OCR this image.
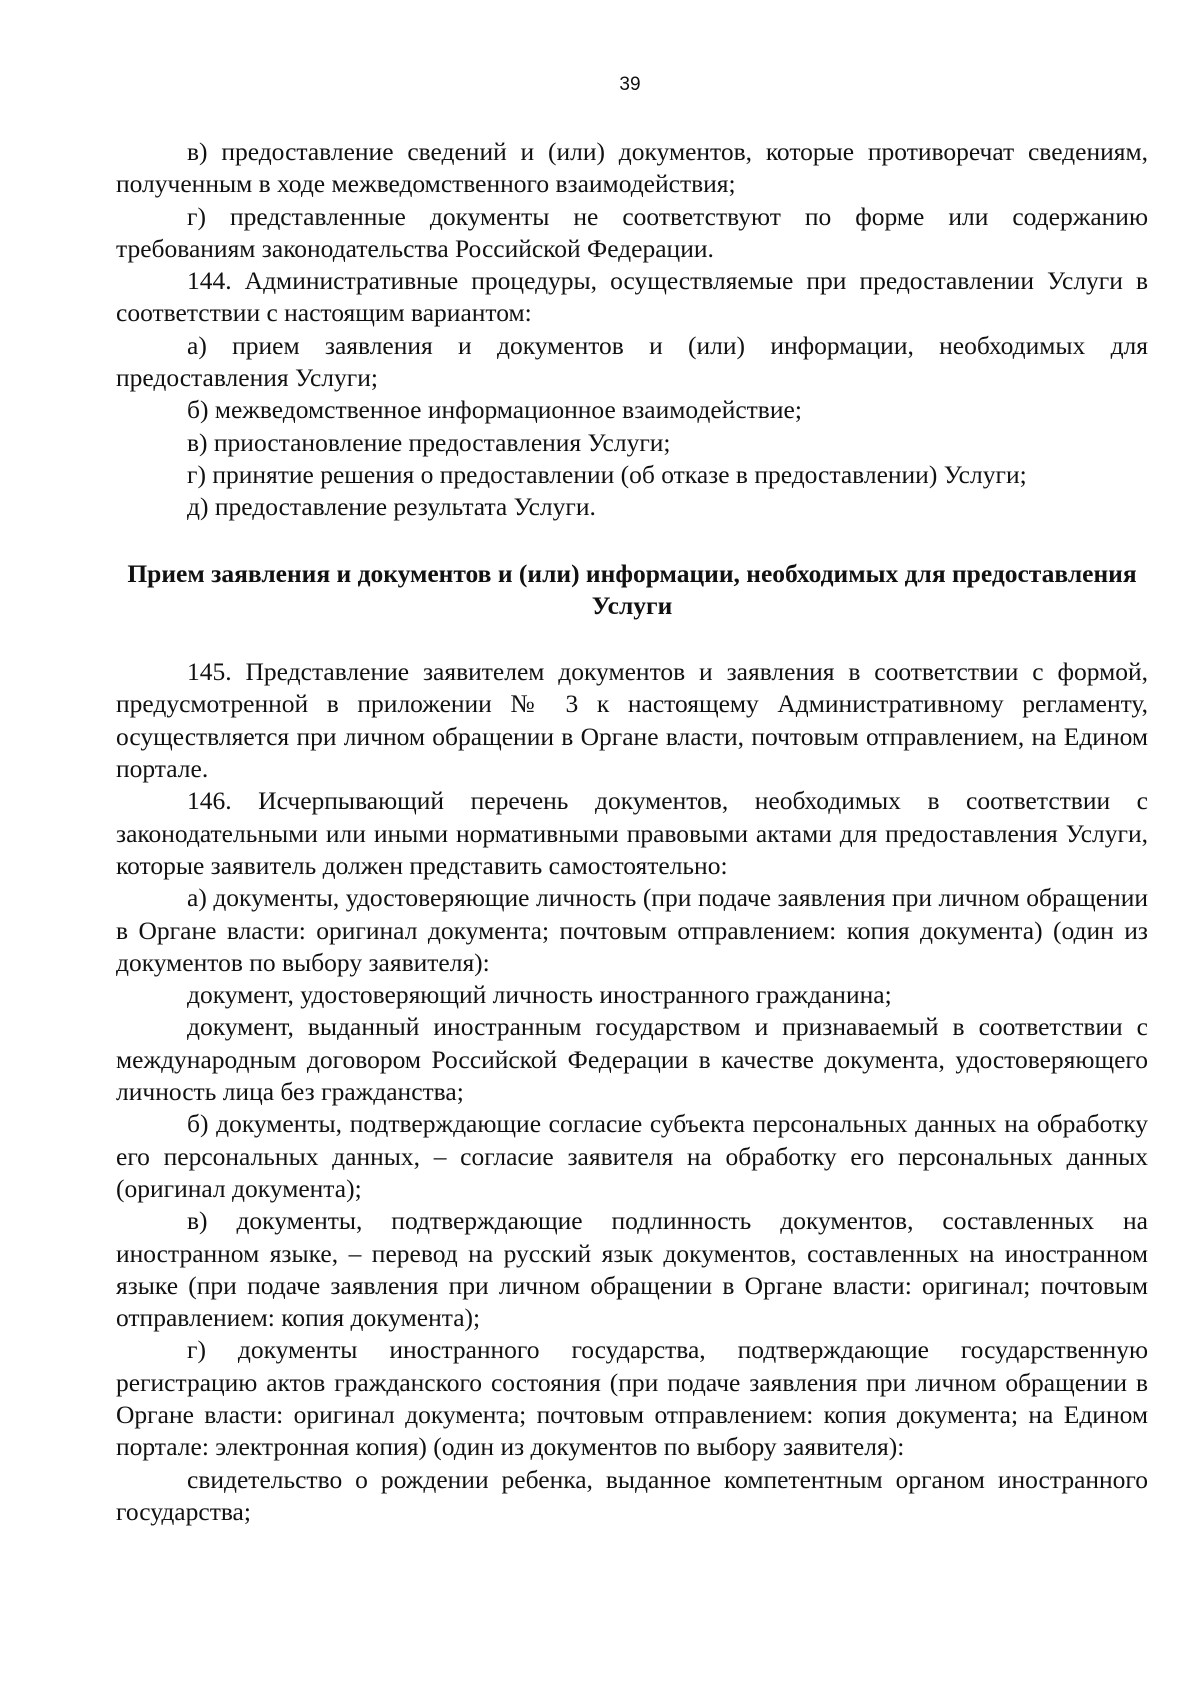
39

в) предоставление сведений и (или) документов, которые противоречат сведениям, полученным в ходе межведомственного взаимодействия;

г) представленные документы не соответствуют по форме или содержанию требованиям законодательства Российской Федерации.

144. Административные процедуры, осуществляемые при предоставлении Услуги в соответствии с настоящим вариантом:

а) прием заявления и документов и (или) информации, необходимых для предоставления Услуги;

б) межведомственное информационное взаимодействие;

в) приостановление предоставления Услуги;

г) принятие решения о предоставлении (об отказе в предоставлении) Услуги;

д) предоставление результата Услуги.

Прием заявления и документов и (или) информации, необходимых для предоставления Услуги

145. Представление заявителем документов и заявления в соответствии с формой, предусмотренной в приложении № 3 к настоящему Административному регламенту, осуществляется при личном обращении в Органе власти, почтовым отправлением, на Едином портале.

146. Исчерпывающий перечень документов, необходимых в соответствии с законодательными или иными нормативными правовыми актами для предоставления Услуги, которые заявитель должен представить самостоятельно:

а) документы, удостоверяющие личность (при подаче заявления при личном обращении в Органе власти: оригинал документа; почтовым отправлением: копия документа) (один из документов по выбору заявителя):

документ, удостоверяющий личность иностранного гражданина;

документ, выданный иностранным государством и признаваемый в соответствии с международным договором Российской Федерации в качестве документа, удостоверяющего личность лица без гражданства;

б) документы, подтверждающие согласие субъекта персональных данных на обработку его персональных данных, – согласие заявителя на обработку его персональных данных (оригинал документа);

в) документы, подтверждающие подлинность документов, составленных на иностранном языке, – перевод на русский язык документов, составленных на иностранном языке (при подаче заявления при личном обращении в Органе власти: оригинал; почтовым отправлением: копия документа);

г) документы иностранного государства, подтверждающие государственную регистрацию актов гражданского состояния (при подаче заявления при личном обращении в Органе власти: оригинал документа; почтовым отправлением: копия документа; на Едином портале: электронная копия) (один из документов по выбору заявителя):

свидетельство о рождении ребенка, выданное компетентным органом иностранного государства;
